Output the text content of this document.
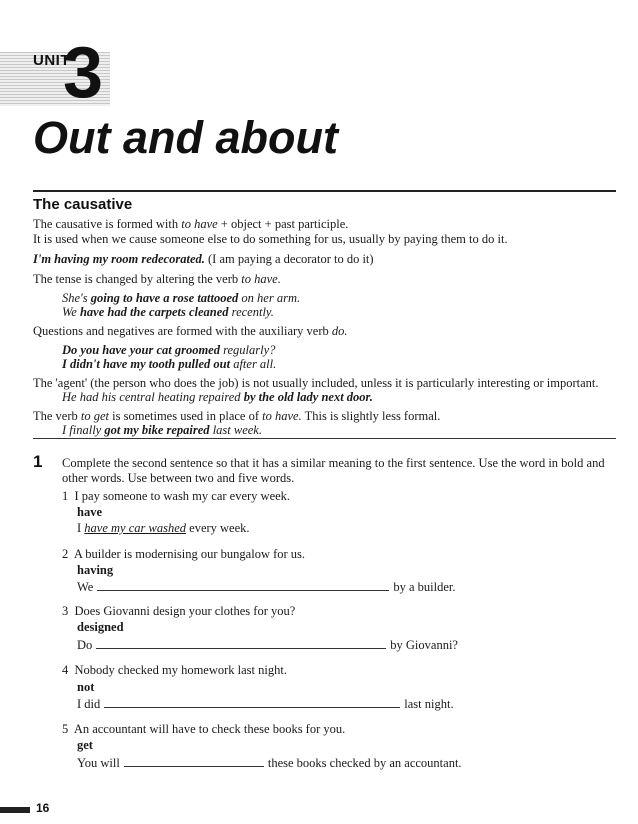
UNIT
3
Out and about
The causative
The causative is formed with to have + object + past participle.
It is used when we cause someone else to do something for us, usually by paying them to do it.
I'm having my room redecorated. (I am paying a decorator to do it)
The tense is changed by altering the verb to have.
She's going to have a rose tattooed on her arm.
We have had the carpets cleaned recently.
Questions and negatives are formed with the auxiliary verb do.
Do you have your cat groomed regularly?
I didn't have my tooth pulled out after all.
The 'agent' (the person who does the job) is not usually included, unless it is particularly interesting or important.
He had his central heating repaired by the old lady next door.
The verb to get is sometimes used in place of to have. This is slightly less formal.
I finally got my bike repaired last week.
1 Complete the second sentence so that it has a similar meaning to the first sentence. Use the word in bold and
other words. Use between two and five words.
1 I pay someone to wash my car every week.
have
I have my car washed every week.
2 A builder is modernising our bungalow for us.
having
We	by a builder.
3 Does Giovanni design your clothes for you?
designed
Do	by Giovanni?
4 Nobody checked my homework last night.
not
I did	last night.
5 An accountant will have to check these books for you.
get
You will	these books checked by an accountant.
16
